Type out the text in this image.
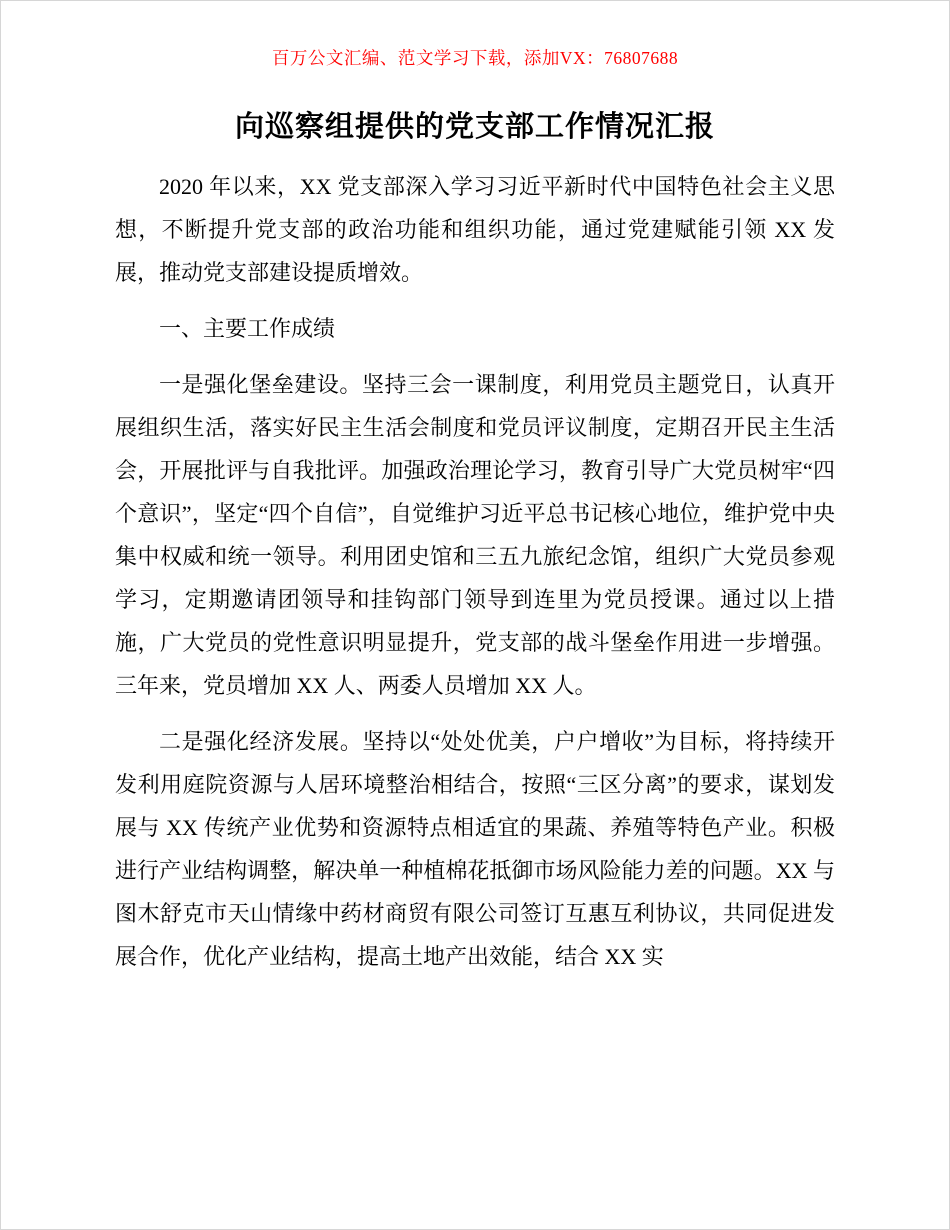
百万公文汇编、范文学习下载，添加VX：76807688
向巡察组提供的党支部工作情况汇报

2020 年以来，XX 党支部深入学习习近平新时代中国特色社会主义思想，不断提升党支部的政治功能和组织功能，通过党建赋能引领 XX 发展，推动党支部建设提质增效。

一、主要工作成绩

一是强化堡垒建设。坚持三会一课制度，利用党员主题党日，认真开展组织生活，落实好民主生活会制度和党员评议制度，定期召开民主生活会，开展批评与自我批评。加强政治理论学习，教育引导广大党员树牢“四个意识”，坚定“四个自信”，自觉维护习近平总书记核心地位，维护党中央集中权威和统一领导。利用团史馆和三五九旅纪念馆，组织广大党员参观学习，定期邀请团领导和挂钩部门领导到连里为党员授课。通过以上措施，广大党员的党性意识明显提升，党支部的战斗堡垒作用进一步增强。三年来，党员增加 XX 人、两委人员增加 XX 人。

二是强化经济发展。坚持以“处处优美，户户增收”为目标，将持续开发利用庭院资源与人居环境整治相结合，按照“三区分离”的要求，谋划发展与 XX 传统产业优势和资源特点相适宜的果蔬、养殖等特色产业。积极进行产业结构调整，解决单一种植棉花抵御市场风险能力差的问题。XX 与图木舒克市天山情缘中药材商贸有限公司签订互惠互利协议，共同促进发展合作，优化产业结构，提高土地产出效能，结合 XX 实
